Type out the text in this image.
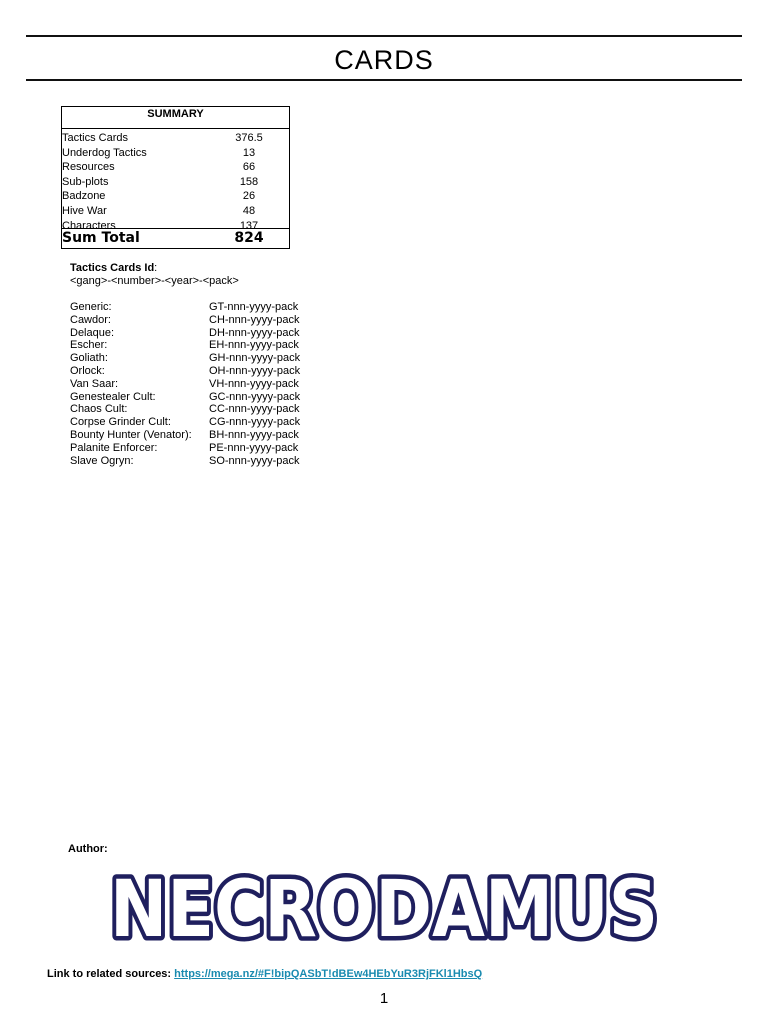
CARDS
SUMMARY
Tactics Cards	376.5
Underdog Tactics	13
Resources	66
Sub-plots	158
Badzone	26
Hive War	48
Characters	137
Sum Total	824
Tactics Cards Id:
<gang>-<number>-<year>-<pack>
Generic:	GT-nnn-yyyy-pack
Cawdor:	CH-nnn-yyyy-pack
Delaque:	DH-nnn-yyyy-pack
Escher:	EH-nnn-yyyy-pack
Goliath:	GH-nnn-yyyy-pack
Orlock:	OH-nnn-yyyy-pack
Van Saar:	VH-nnn-yyyy-pack
Genestealer Cult:	GC-nnn-yyyy-pack
Chaos Cult:	CC-nnn-yyyy-pack
Corpse Grinder Cult:	CG-nnn-yyyy-pack
Bounty Hunter (Venator):	BH-nnn-yyyy-pack
Palanite Enforcer:	PE-nnn-yyyy-pack
Slave Ogryn:	SO-nnn-yyyy-pack
Author:
NECRODAMUS
NECRODAMUS
Link to related sources: https://mega.nz/#F!bipQASbT!dBEw4HEbYuR3RjFKl1HbsQ
1
